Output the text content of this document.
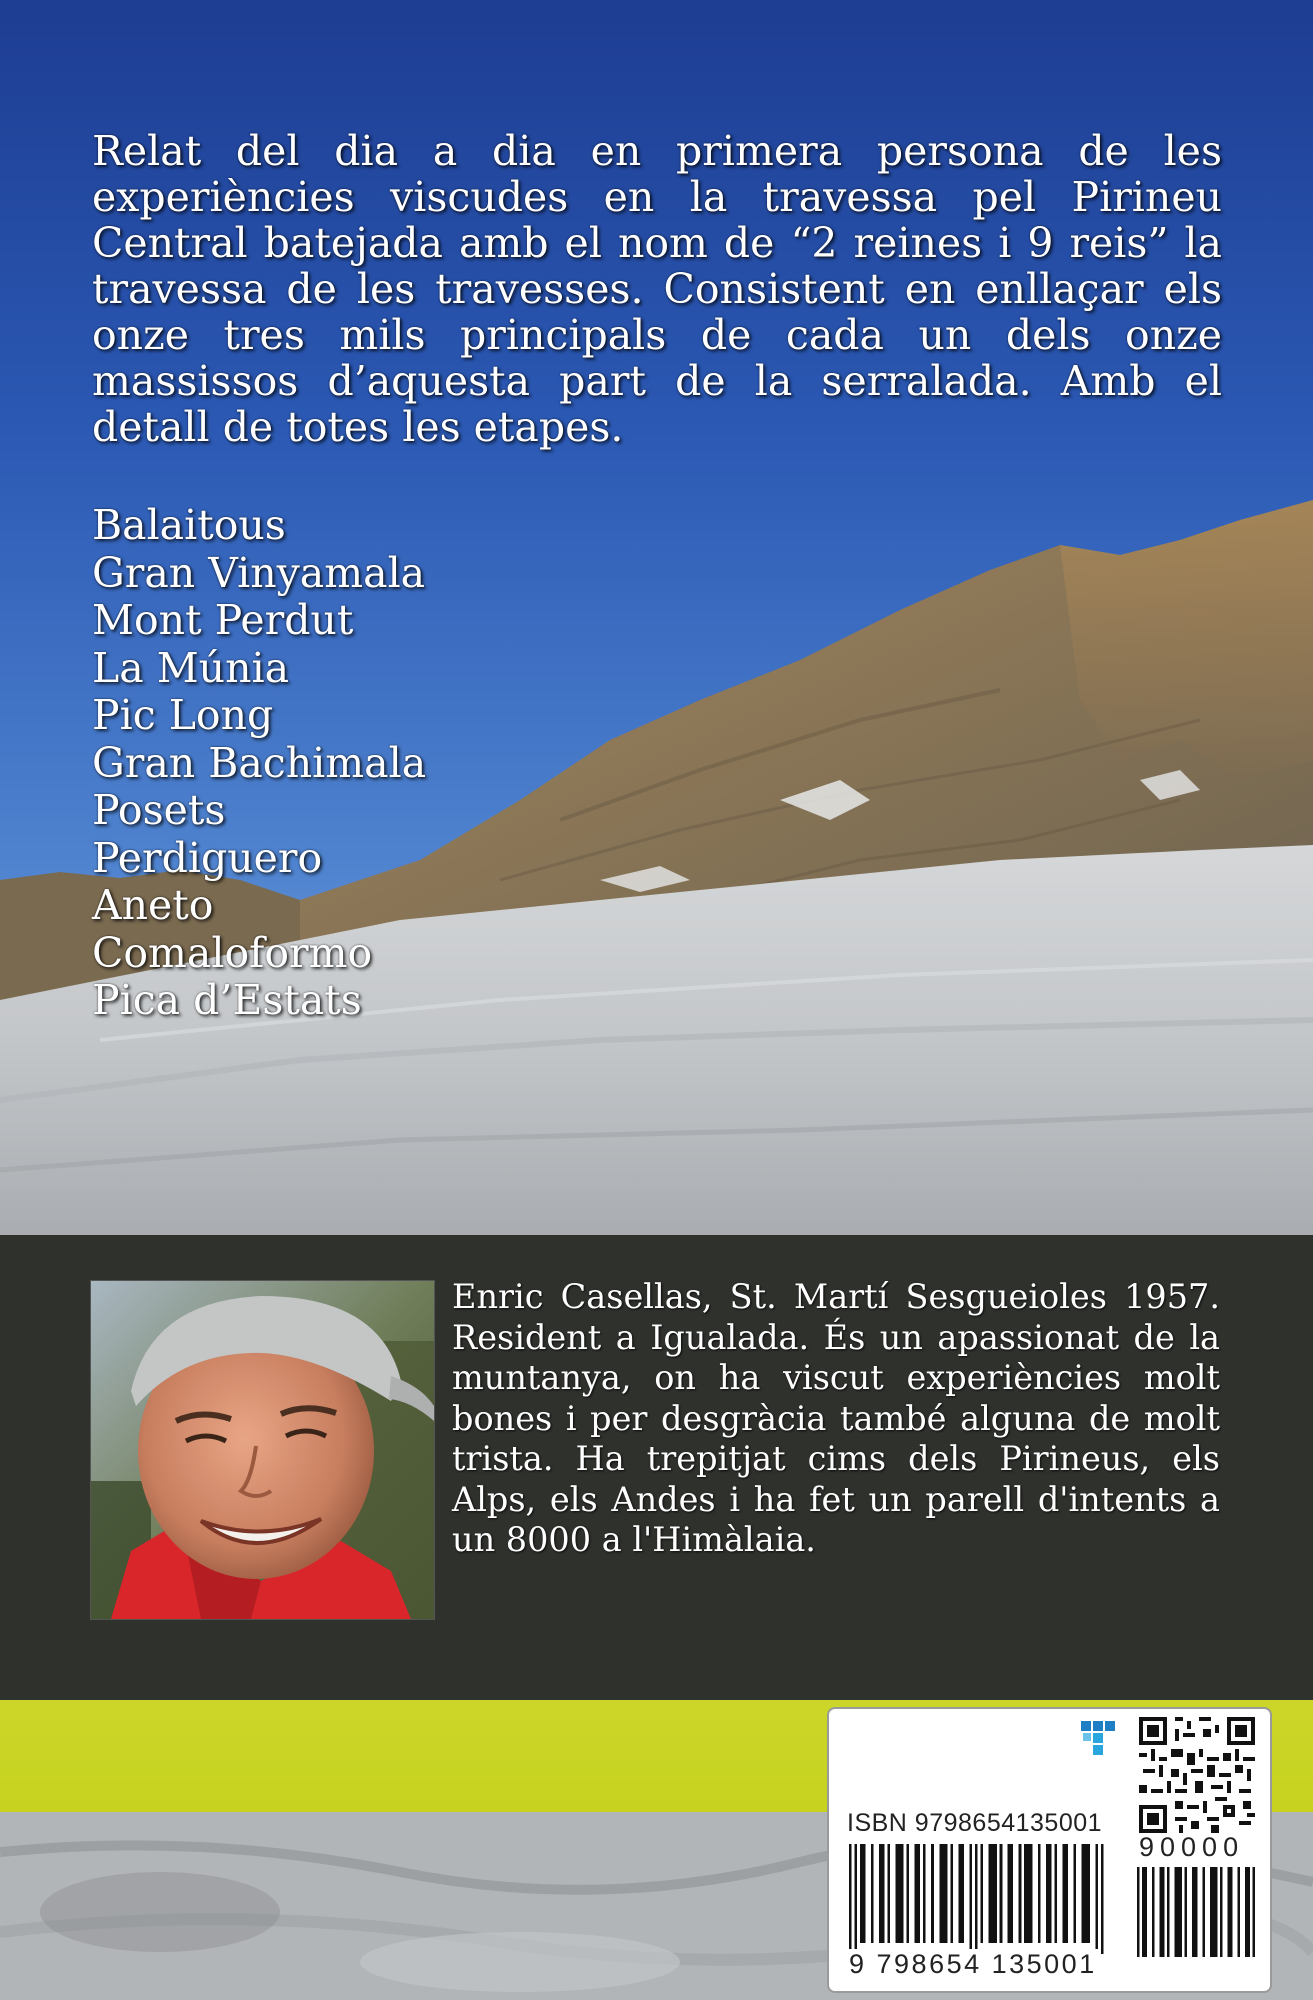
Relat del dia a dia en primera persona de les experiències viscudes en la travessa pel Pirineu Central batejada amb el nom de “2 reines i 9 reis” la travessa de les travesses. Consistent en enllaçar els onze tres mils principals de cada un dels onze massissos d’aquesta part de la serralada. Amb el detall de totes les etapes.

Balaitous
Gran Vinyamala
Mont Perdut
La Múnia
Pic Long
Gran Bachimala
Posets
Perdiguero
Aneto
Comaloformo
Pica d’Estats

Enric Casellas, St. Martí Sesgueioles 1957. Resident a Igualada. És un apassionat de la muntanya, on ha viscut experiències molt bones i per desgràcia també alguna de molt trista. Ha trepitjat cims dels Pirineus, els Alps, els Andes i ha fet un parell d'intents a un 8000 a l'Himàlaia.

ISBN 9798654135001
90000
9 798654 135001
